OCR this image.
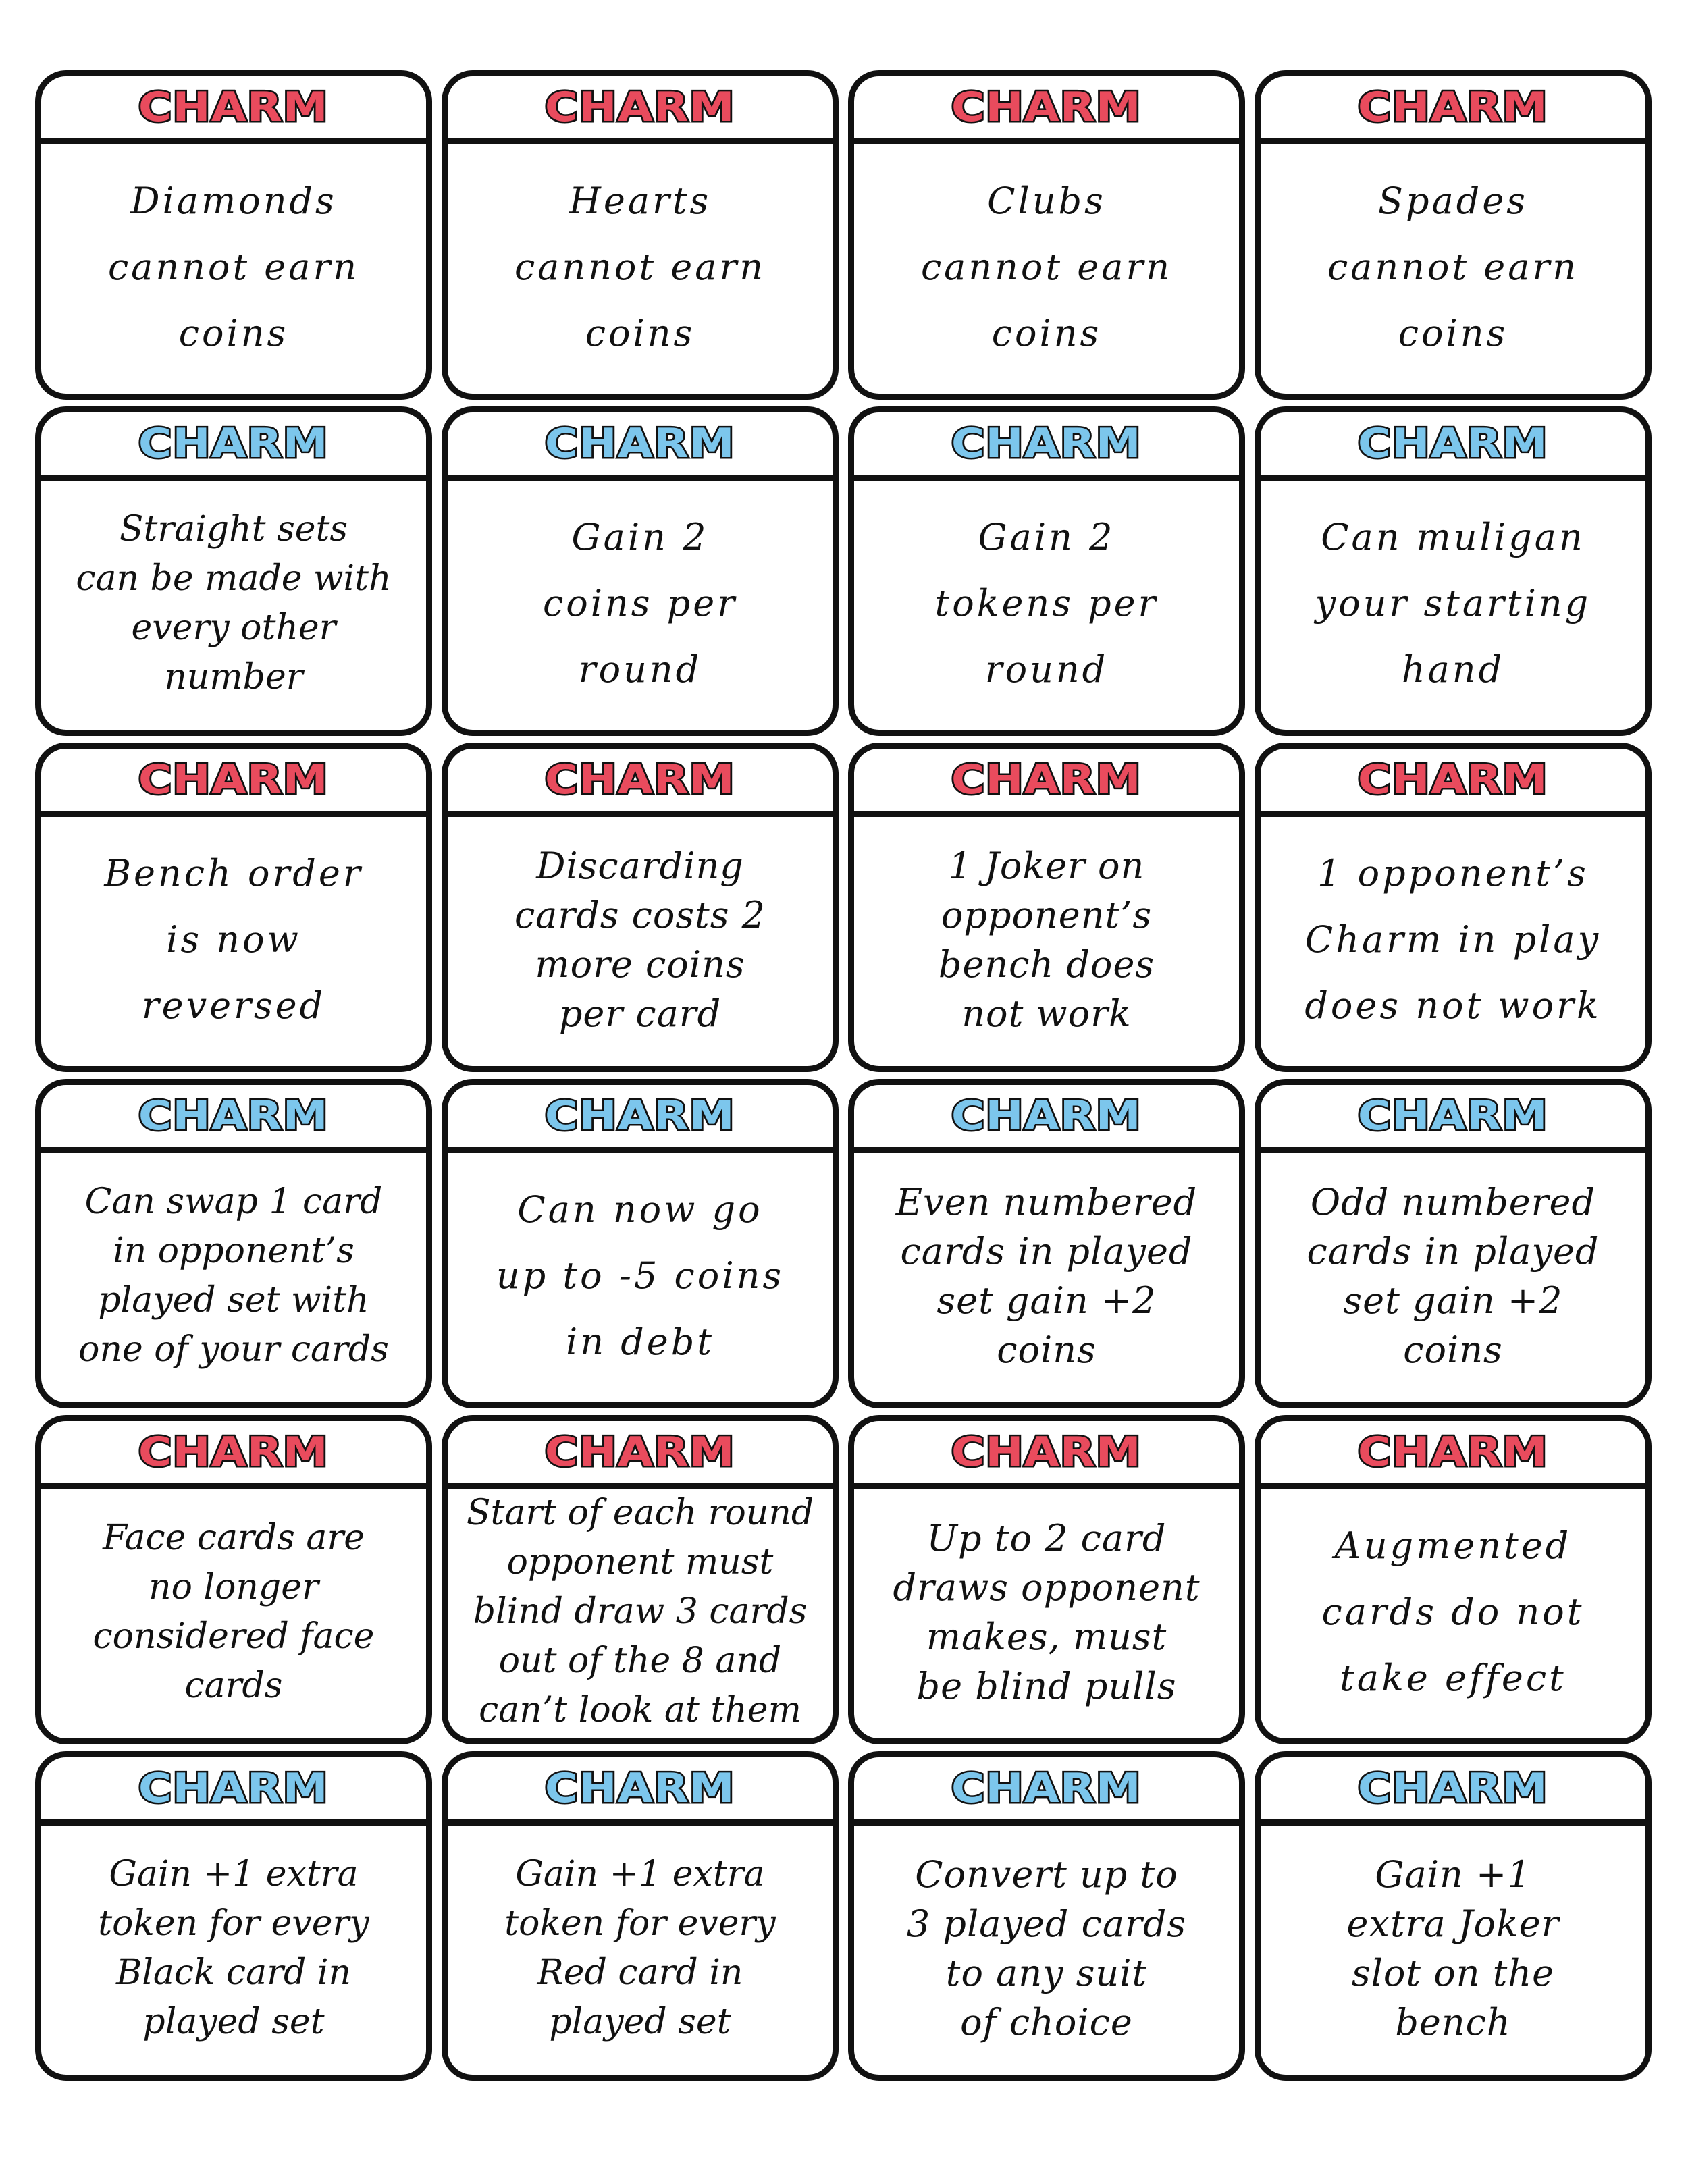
CHARM
Diamonds
cannot earn
coins
CHARM
Hearts
cannot earn
coins
CHARM
Clubs
cannot earn
coins
CHARM
Spades
cannot earn
coins
CHARM
Straight sets
can be made with
every other
number
CHARM
Gain 2
coins per
round
CHARM
Gain 2
tokens per
round
CHARM
Can muligan
your starting
hand
CHARM
Bench order
is now
reversed
CHARM
Discarding
cards costs 2
more coins
per card
CHARM
1 Joker on
opponent’s
bench does
not work
CHARM
1 opponent’s
Charm in play
does not work
CHARM
Can swap 1 card
in opponent’s
played set with
one of your cards
CHARM
Can now go
up to -5 coins
in debt
CHARM
Even numbered
cards in played
set gain +2
coins
CHARM
Odd numbered
cards in played
set gain +2
coins
CHARM
Face cards are
no longer
considered face
cards
CHARM
Start of each round
opponent must
blind draw 3 cards
out of the 8 and
can’t look at them
CHARM
Up to 2 card
draws opponent
makes, must
be blind pulls
CHARM
Augmented
cards do not
take effect
CHARM
Gain +1 extra
token for every
Black card in
played set
CHARM
Gain +1 extra
token for every
Red card in
played set
CHARM
Convert up to
3 played cards
to any suit
of choice
CHARM
Gain +1
extra Joker
slot on the
bench
